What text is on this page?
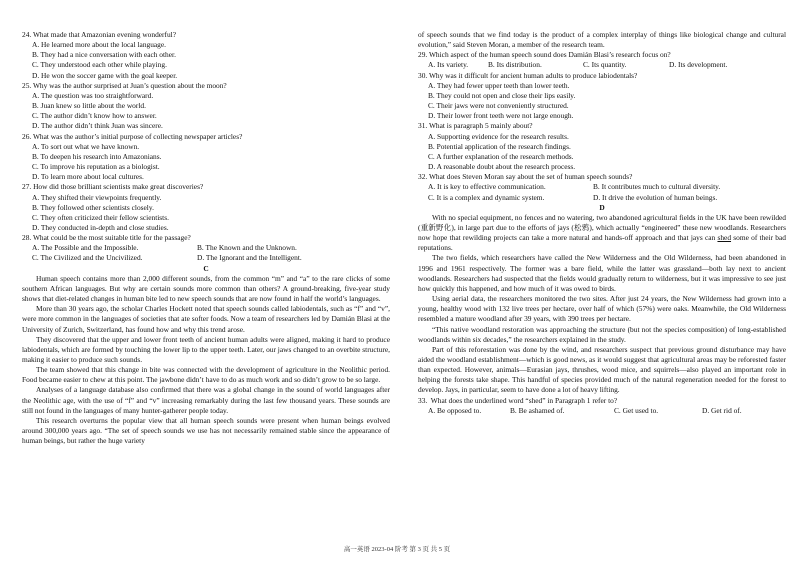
24. What made that Amazonian evening wonderful?
A. He learned more about the local language.
B. They had a nice conversation with each other.
C. They understood each other while playing.
D. He won the soccer game with the goal keeper.
25. Why was the author surprised at Juan’s question about the moon?
A. The question was too straightforward.
B. Juan knew so little about the world.
C. The author didn’t know how to answer.
D. The author didn’t think Juan was sincere.
26. What was the author’s initial purpose of collecting newspaper articles?
A. To sort out what we have known.
B. To deepen his research into Amazonians.
C. To improve his reputation as a biologist.
D. To learn more about local cultures.
27. How did those brilliant scientists make great discoveries?
A. They shifted their viewpoints frequently.
B. They followed other scientists closely.
C. They often criticized their fellow scientists.
D. They conducted in-depth and close studies.
28. What could be the most suitable title for the passage?
A. The Possible and the Impossible.	B. The Known and the Unknown.
C. The Civilized and the Uncivilized.	D. The Ignorant and the Intelligent.
C
Human speech contains more than 2,000 different sounds, from the common “m” and “a” to the rare clicks of some southern African languages. But why are certain sounds more common than others? A ground-breaking, five-year study shows that diet-related changes in human bite led to new speech sounds that are now found in half the world’s languages.
More than 30 years ago, the scholar Charles Hockett noted that speech sounds called labiodentals, such as “f” and “v”, were more common in the languages of societies that ate softer foods. Now a team of researchers led by Damián Blasi at the University of Zurich, Switzerland, has found how and why this trend arose.
They discovered that the upper and lower front teeth of ancient human adults were aligned, making it hard to produce labiodentals, which are formed by touching the lower lip to the upper teeth. Later, our jaws changed to an overbite structure, making it easier to produce such sounds.
The team showed that this change in bite was connected with the development of agriculture in the Neolithic period. Food became easier to chew at this point. The jawbone didn’t have to do as much work and so didn’t grow to be so large.
Analyses of a language database also confirmed that there was a global change in the sound of world languages after the Neolithic age, with the use of “f” and “v” increasing remarkably during the last few thousand years. These sounds are still not found in the languages of many hunter-gatherer people today.
This research overturns the popular view that all human speech sounds were present when human beings evolved around 300,000 years ago. “The set of speech sounds we use has not necessarily remained stable since the appearance of human beings, but rather the huge variety
of speech sounds that we find today is the product of a complex interplay of things like biological change and cultural evolution,” said Steven Moran, a member of the research team.
29. Which aspect of the human speech sound does Damián Blasi’s research focus on?
A. Its variety.	B. Its distribution.	C. Its quantity.	D. Its development.
30. Why was it difficult for ancient human adults to produce labiodentals?
A. They had fewer upper teeth than lower teeth.
B. They could not open and close their lips easily.
C. Their jaws were not conveniently structured.
D. Their lower front teeth were not large enough.
31. What is paragraph 5 mainly about?
A. Supporting evidence for the research results.
B. Potential application of the research findings.
C. A further explanation of the research methods.
D. A reasonable doubt about the research process.
32. What does Steven Moran say about the set of human speech sounds?
A. It is key to effective communication.	B. It contributes much to cultural diversity.
C. It is a complex and dynamic system.	D. It drive the evolution of human beings.
D
With no special equipment, no fences and no watering, two abandoned agricultural fields in the UK have been rewilded (重新野化), in large part due to the efforts of jays (松鸦), which actually “engineered” these new woodlands. Researchers now hope that rewilding projects can take a more natural and hands-off approach and that jays can shed some of their bad reputations.
The two fields, which researchers have called the New Wilderness and the Old Wilderness, had been abandoned in 1996 and 1961 respectively. The former was a bare field, while the latter was grassland—both lay next to ancient woodlands. Researchers had suspected that the fields would gradually return to wilderness, but it was impressive to see just how quickly this happened, and how much of it was owed to birds.
Using aerial data, the researchers monitored the two sites. After just 24 years, the New Wilderness had grown into a young, healthy wood with 132 live trees per hectare, over half of which (57%) were oaks. Meanwhile, the Old Wilderness resembled a mature woodland after 39 years, with 390 trees per hectare.
“This native woodland restoration was approaching the structure (but not the species composition) of long-established woodlands within six decades,” the researchers explained in the study.
Part of this reforestation was done by the wind, and researchers suspect that previous ground disturbance may have aided the woodland establishment—which is good news, as it would suggest that agricultural areas may be reforested faster than expected. However, animals—Eurasian jays, thrushes, wood mice, and squirrels—also played an important role in helping the forests take shape. This handful of species provided much of the natural regeneration needed for the forest to develop. Jays, in particular, seem to have done a lot of heavy lifting.
33.  What does the underlined word “shed” in Paragraph 1 refer to?
A. Be opposed to.	B. Be ashamed of.	C. Get used to.	D. Get rid of.
高一英语 2023-04 阶考 第 3 页 共 5 页
